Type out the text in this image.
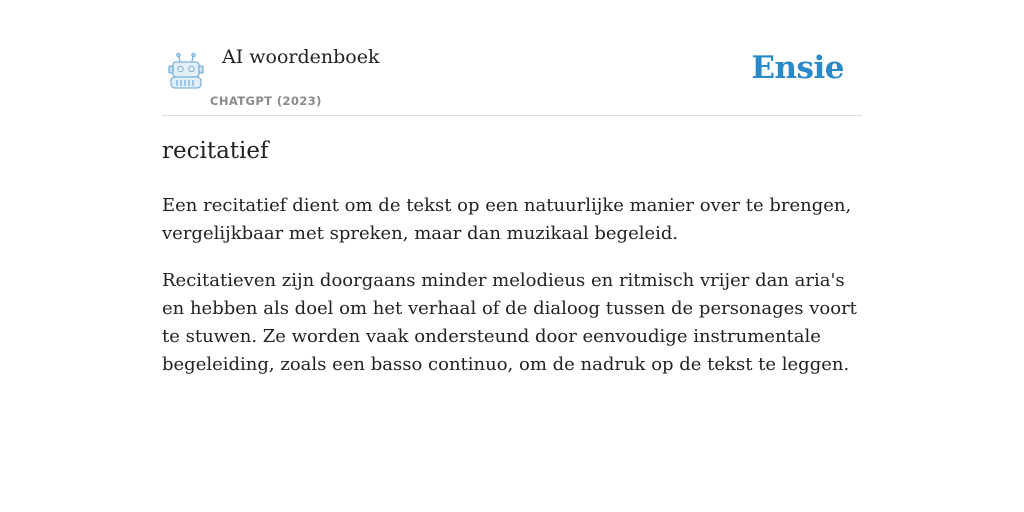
AI woordenboek
CHATGPT (2023)
Ensie
recitatief

Een recitatief dient om de tekst op een natuurlijke manier over te brengen, vergelijkbaar met spreken, maar dan muzikaal begeleid.

Recitatieven zijn doorgaans minder melodieus en ritmisch vrijer dan aria's en hebben als doel om het verhaal of de dialoog tussen de personages voort te stuwen. Ze worden vaak ondersteund door eenvoudige instrumentale begeleiding, zoals een basso continuo, om de nadruk op de tekst te leggen.
